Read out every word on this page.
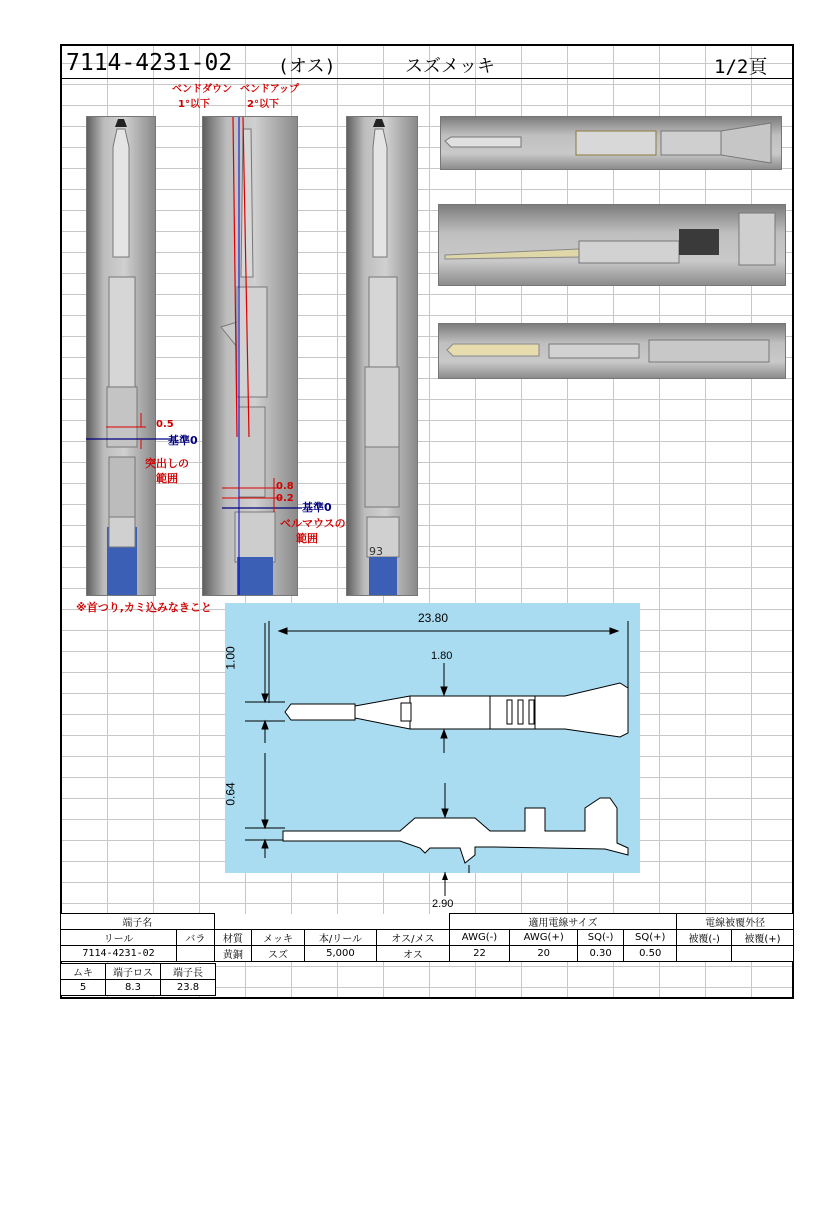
7114-4231-02	(オス)	スズメッキ	1/2頁
ベンドダウン
1°以下
ベンドアップ
2°以下
93
0.5
基準0
突出しの
範囲
0.8
0.2
基準0
ベルマウスの
範囲
※首つり,カミ込みなきこと
23.80
1.00	1.80
0.64
2.90
端子名						適用電線サイズ				電線被覆外径	
リール	バラ	材質	メッキ	本/リール	オス/メス	AWG(-)	AWG(+)	SQ(-)	SQ(+)	被覆(-)	被覆(+)
7114-4231-02		黄銅	スズ	5,000	オス	22	20	0.30	0.50		
ムキ	端子ロス	端子長
5	8.3	23.8
